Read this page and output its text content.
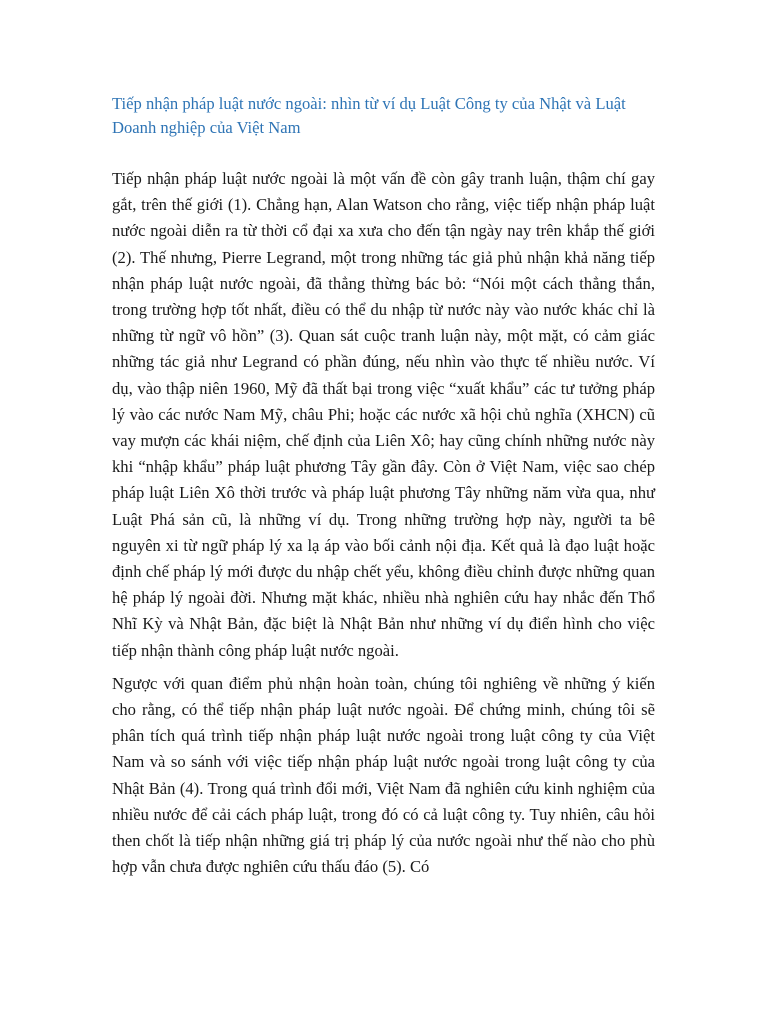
Tiếp nhận pháp luật nước ngoài: nhìn từ ví dụ Luật Công ty của Nhật và Luật Doanh nghiệp của Việt Nam

Tiếp nhận pháp luật nước ngoài là một vấn đề còn gây tranh luận, thậm chí gay gắt, trên thế giới (1). Chẳng hạn, Alan Watson cho rằng, việc tiếp nhận pháp luật nước ngoài diễn ra từ thời cổ đại xa xưa cho đến tận ngày nay trên khắp thế giới (2). Thế nhưng, Pierre Legrand, một trong những tác giả phủ nhận khả năng tiếp nhận pháp luật nước ngoài, đã thẳng thừng bác bỏ: “Nói một cách thẳng thắn, trong trường hợp tốt nhất, điều có thể du nhập từ nước này vào nước khác chỉ là những từ ngữ vô hồn” (3). Quan sát cuộc tranh luận này, một mặt, có cảm giác những tác giả như Legrand có phần đúng, nếu nhìn vào thực tế nhiều nước. Ví dụ, vào thập niên 1960, Mỹ đã thất bại trong việc “xuất khẩu” các tư tưởng pháp lý vào các nước Nam Mỹ, châu Phi; hoặc các nước xã hội chủ nghĩa (XHCN) cũ vay mượn các khái niệm, chế định của Liên Xô; hay cũng chính những nước này khi “nhập khẩu” pháp luật phương Tây gần đây. Còn ở Việt Nam, việc sao chép pháp luật Liên Xô thời trước và pháp luật phương Tây những năm vừa qua, như Luật Phá sản cũ, là những ví dụ. Trong những trường hợp này, người ta bê nguyên xi từ ngữ pháp lý xa lạ áp vào bối cảnh nội địa. Kết quả là đạo luật hoặc định chế pháp lý mới được du nhập chết yểu, không điều chỉnh được những quan hệ pháp lý ngoài đời. Nhưng mặt khác, nhiều nhà nghiên cứu hay nhắc đến Thổ Nhĩ Kỳ và Nhật Bản, đặc biệt là Nhật Bản như những ví dụ điển hình cho việc tiếp nhận thành công pháp luật nước ngoài.

Ngược với quan điểm phủ nhận hoàn toàn, chúng tôi nghiêng về những ý kiến cho rằng, có thể tiếp nhận pháp luật nước ngoài. Để chứng minh, chúng tôi sẽ phân tích quá trình tiếp nhận pháp luật nước ngoài trong luật công ty của Việt Nam và so sánh với việc tiếp nhận pháp luật nước ngoài trong luật công ty của Nhật Bản (4). Trong quá trình đổi mới, Việt Nam đã nghiên cứu kinh nghiệm của nhiều nước để cải cách pháp luật, trong đó có cả luật công ty. Tuy nhiên, câu hỏi then chốt là tiếp nhận những giá trị pháp lý của nước ngoài như thế nào cho phù hợp vẫn chưa được nghiên cứu thấu đáo (5). Có
